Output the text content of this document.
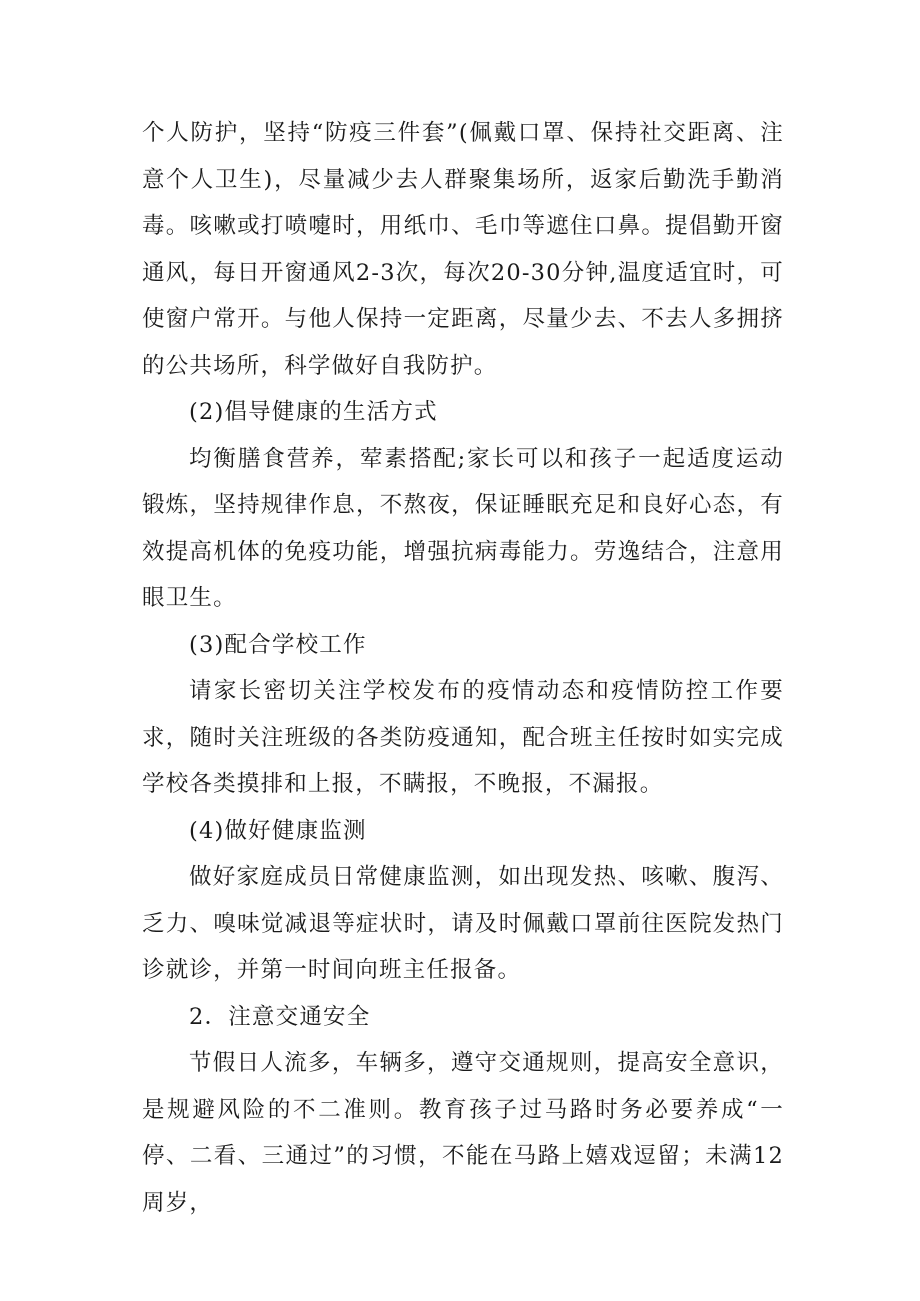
个人防护，坚持“防疫三件套”(佩戴口罩、保持社交距离、注意个人卫生)，尽量减少去人群聚集场所，返家后勤洗手勤消毒。咳嗽或打喷嚏时，用纸巾、毛巾等遮住口鼻。提倡勤开窗通风，每日开窗通风2-3次，每次20-30分钟,温度适宜时，可使窗户常开。与他人保持一定距离，尽量少去、不去人多拥挤的公共场所，科学做好自我防护。

(2)倡导健康的生活方式

均衡膳食营养，荤素搭配;家长可以和孩子一起适度运动锻炼，坚持规律作息，不熬夜，保证睡眠充足和良好心态，有效提高机体的免疫功能，增强抗病毒能力。劳逸结合，注意用眼卫生。

(3)配合学校工作

请家长密切关注学校发布的疫情动态和疫情防控工作要求，随时关注班级的各类防疫通知，配合班主任按时如实完成学校各类摸排和上报，不瞒报，不晚报，不漏报。

(4)做好健康监测

做好家庭成员日常健康监测，如出现发热、咳嗽、腹泻、乏力、嗅味觉减退等症状时，请及时佩戴口罩前往医院发热门诊就诊，并第一时间向班主任报备。

2．注意交通安全

节假日人流多，车辆多，遵守交通规则，提高安全意识，是规避风险的不二准则。教育孩子过马路时务必要养成“一停、二看、三通过”的习惯，不能在马路上嬉戏逗留；未满12周岁，
